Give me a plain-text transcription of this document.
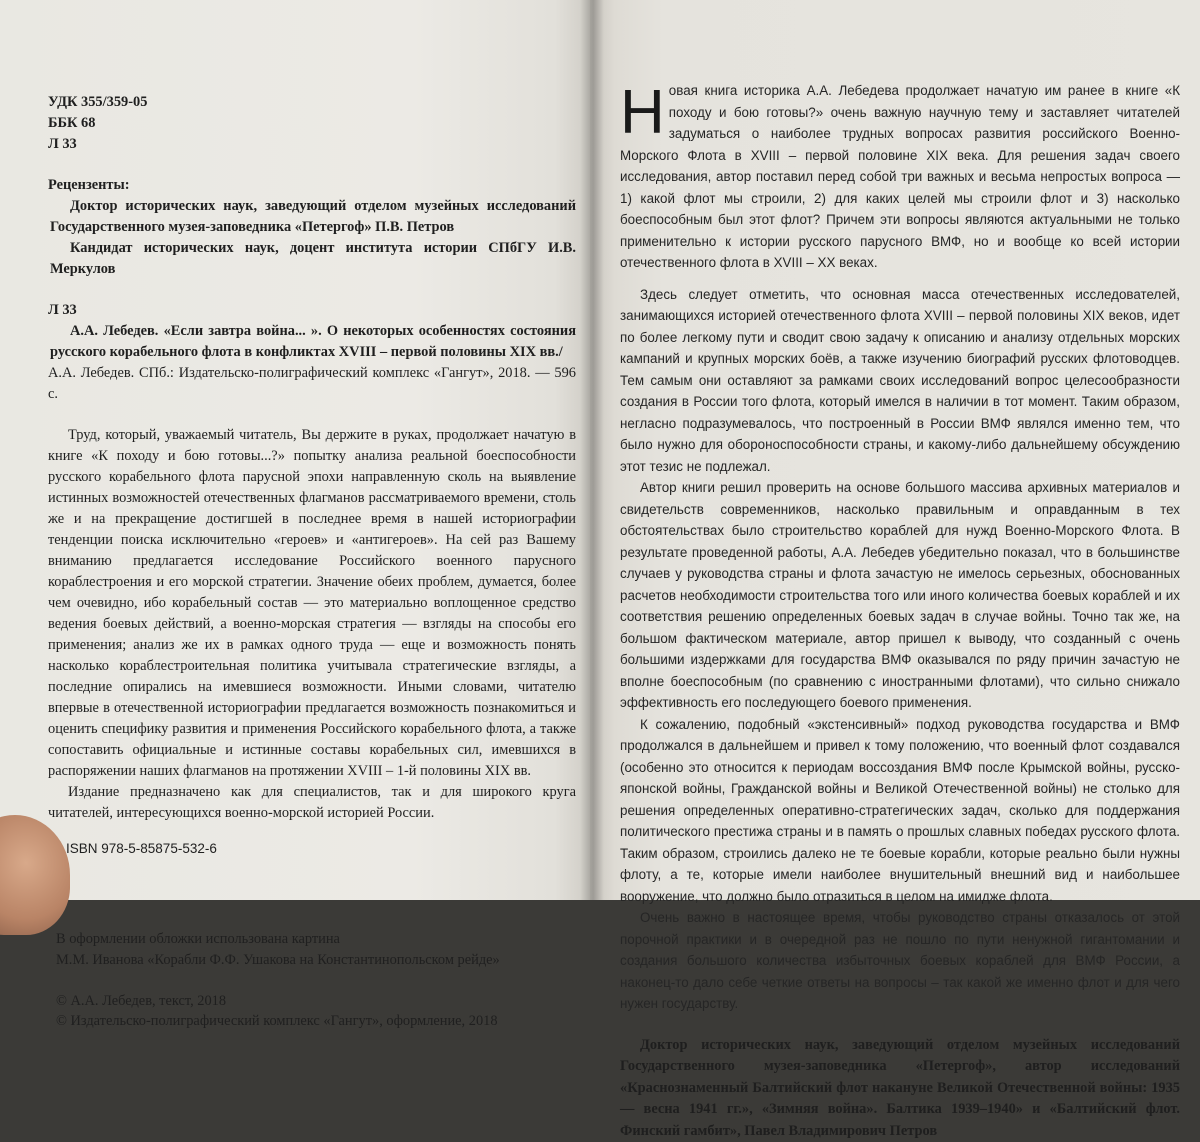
УДК 355/359-05
ББК 68
Л 33
Рецензенты:

Доктор исторических наук, заведующий отделом музейных исследований Государственного музея-заповедника «Петергоф» П.В. Петров

Кандидат исторических наук, доцент института истории СПбГУ И.В. Меркулов

Л 33

А.А. Лебедев. «Если завтра война... ». О некоторых особенностях состояния русского корабельного флота в конфликтах XVIII – первой половины XIX вв./

А.А. Лебедев. СПб.: Издательско-полиграфический комплекс «Гангут», 2018. — 596 с.

Труд, который, уважаемый читатель, Вы держите в руках, продолжает начатую в книге «К походу и бою готовы...?» попытку анализа реальной боеспособности русского корабельного флота парусной эпохи направленную сколь на выявление истинных возможностей отечественных флагманов рассматриваемого времени, столь же и на прекращение достигшей в последнее время в нашей историографии тенденции поиска исключительно «героев» и «антигероев». На сей раз Вашему вниманию предлагается исследование Российского военного парусного кораблестроения и его морской стратегии. Значение обеих проблем, думается, более чем очевидно, ибо корабельный состав — это материально воплощенное средство ведения боевых действий, а военно-морская стратегия — взгляды на способы его применения; анализ же их в рамках одного труда — еще и возможность понять насколько кораблестроительная политика учитывала стратегические взгляды, а последние опирались на имевшиеся возможности. Иными словами, читателю впервые в отечественной историографии предлагается возможность познакомиться и оценить специфику развития и применения Российского корабельного флота, а также сопоставить официальные и истинные составы корабельных сил, имевшихся в распоряжении наших флагманов на протяжении XVIII – 1-й половины XIX вв.

Издание предназначено как для специалистов, так и для широкого круга читателей, интересующихся военно-морской историей России.

ISBN 978-5-85875-532-6
В оформлении обложки использована картина
М.М. Иванова «Корабли Ф.Ф. Ушакова на Константинопольском рейде»
© А.А. Лебедев, текст, 2018
© Издательско-полиграфический комплекс «Гангут», оформление, 2018

Новая книга историка А.А. Лебедева продолжает начатую им ранее в книге «К походу и бою готовы?» очень важную научную тему и заставляет читателей задуматься о наиболее трудных вопросах развития российского Военно-Морского Флота в XVIII – первой половине XIX века. Для решения задач своего исследования, автор поставил перед собой три важных и весьма непростых вопроса — 1) какой флот мы строили, 2) для каких целей мы строили флот и 3) насколько боеспособным был этот флот? Причем эти вопросы являются актуальными не только применительно к истории русского парусного ВМФ, но и вообще ко всей истории отечественного флота в XVIII – XX веках.

Здесь следует отметить, что основная масса отечественных исследователей, занимающихся историей отечественного флота XVIII – первой половины XIX веков, идет по более легкому пути и сводит свою задачу к описанию и анализу отдельных морских кампаний и крупных морских боёв, а также изучению биографий русских флотоводцев. Тем самым они оставляют за рамками своих исследований вопрос целесообразности создания в России того флота, который имелся в наличии в тот момент. Таким образом, негласно подразумевалось, что построенный в России ВМФ являлся именно тем, что было нужно для обороноспособности страны, и какому-либо дальнейшему обсуждению этот тезис не подлежал.

Автор книги решил проверить на основе большого массива архивных материалов и свидетельств современников, насколько правильным и оправданным в тех обстоятельствах было строительство кораблей для нужд Военно-Морского Флота. В результате проведенной работы, А.А. Лебедев убедительно показал, что в большинстве случаев у руководства страны и флота зачастую не имелось серьезных, обоснованных расчетов необходимости строительства того или иного количества боевых кораблей и их соответствия решению определенных боевых задач в случае войны. Точно так же, на большом фактическом материале, автор пришел к выводу, что созданный с очень большими издержками для государства ВМФ оказывался по ряду причин зачастую не вполне боеспособным (по сравнению с иностранными флотами), что сильно снижало эффективность его последующего боевого применения.

К сожалению, подобный «экстенсивный» подход руководства государства и ВМФ продолжался в дальнейшем и привел к тому положению, что военный флот создавался (особенно это относится к периодам воссоздания ВМФ после Крымской войны, русско-японской войны, Гражданской войны и Великой Отечественной войны) не столько для решения определенных оперативно-стратегических задач, сколько для поддержания политического престижа страны и в память о прошлых славных победах русского флота. Таким образом, строились далеко не те боевые корабли, которые реально были нужны флоту, а те, которые имели наиболее внушительный внешний вид и наибольшее вооружение, что должно было отразиться в целом на имидже флота.

Очень важно в настоящее время, чтобы руководство страны отказалось от этой порочной практики и в очередной раз не пошло по пути ненужной гигантомании и создания большого количества избыточных боевых кораблей для ВМФ России, а наконец-то дало себе четкие ответы на вопросы – так какой же именно флот и для чего нужен государству.

Доктор исторических наук, заведующий отделом музейных исследований Государственного музея-заповедника «Петергоф», автор исследований «Краснознаменный Балтийский флот накануне Великой Отечественной войны: 1935 — весна 1941 гг.», «Зимняя война». Балтика 1939–1940» и «Балтийский флот. Финский гамбит», Павел Владимирович Петров
